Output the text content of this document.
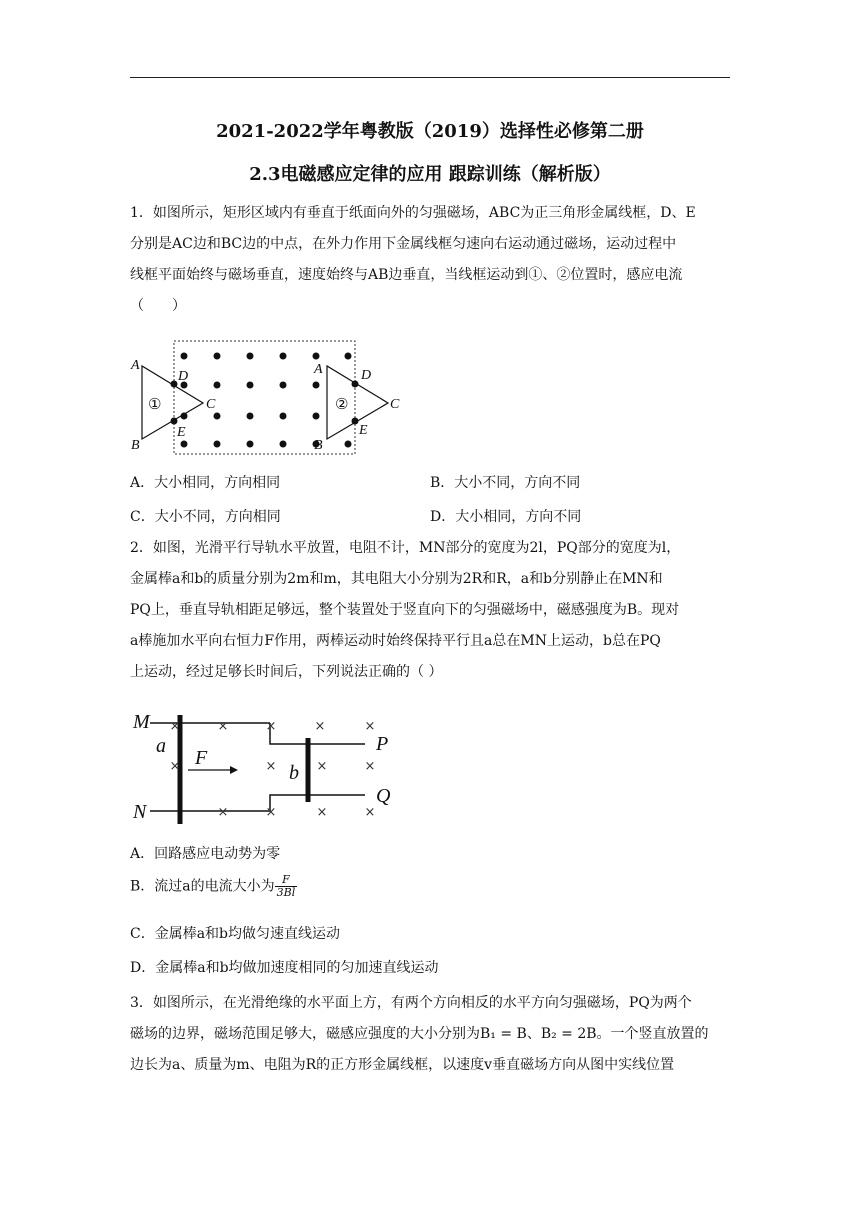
2021-2022学年粤教版（2019）选择性必修第二册
2.3电磁感应定律的应用 跟踪训练（解析版）
1．如图所示，矩形区域内有垂直于纸面向外的匀强磁场，ABC为正三角形金属线框，D、E
分别是AC边和BC边的中点，在外力作用下金属线框匀速向右运动通过磁场，运动过程中
线框平面始终与磁场垂直，速度始终与AB边垂直，当线框运动到①、②位置时，感应电流
（　　）
A
B
D
C
E
A
B
D
C
E
①	②
A．大小相同，方向相同	B．大小不同，方向不同
C．大小不同，方向相同	D．大小相同，方向不同
2．如图，光滑平行导轨水平放置，电阻不计，MN部分的宽度为2l，PQ部分的宽度为l，
金属棒a和b的质量分别为2m和m，其电阻大小分别为2R和R，a和b分别静止在MN和
PQ上，垂直导轨相距足够远，整个装置处于竖直向下的匀强磁场中，磁感强度为B。现对
a棒施加水平向右恒力F作用，两棒运动时始终保持平行且a总在MN上运动，b总在PQ
上运动，经过足够长时间后，下列说法正确的（ ）
×	×	×	×	×
×	×	×	×
×	×	×	×
M
N
P
Q
a
b
F
A．回路感应电动势为零
B．流过a的电流大小为 $\frac{F}{3Bl}$
C．金属棒a和b均做匀速直线运动
D．金属棒a和b均做加速度相同的匀加速直线运动
3．如图所示，在光滑绝缘的水平面上方，有两个方向相反的水平方向匀强磁场，PQ为两个
磁场的边界，磁场范围足够大，磁感应强度的大小分别为B₁ = B、B₂ = 2B。一个竖直放置的
边长为a、质量为m、电阻为R的正方形金属线框，以速度v垂直磁场方向从图中实线位置
